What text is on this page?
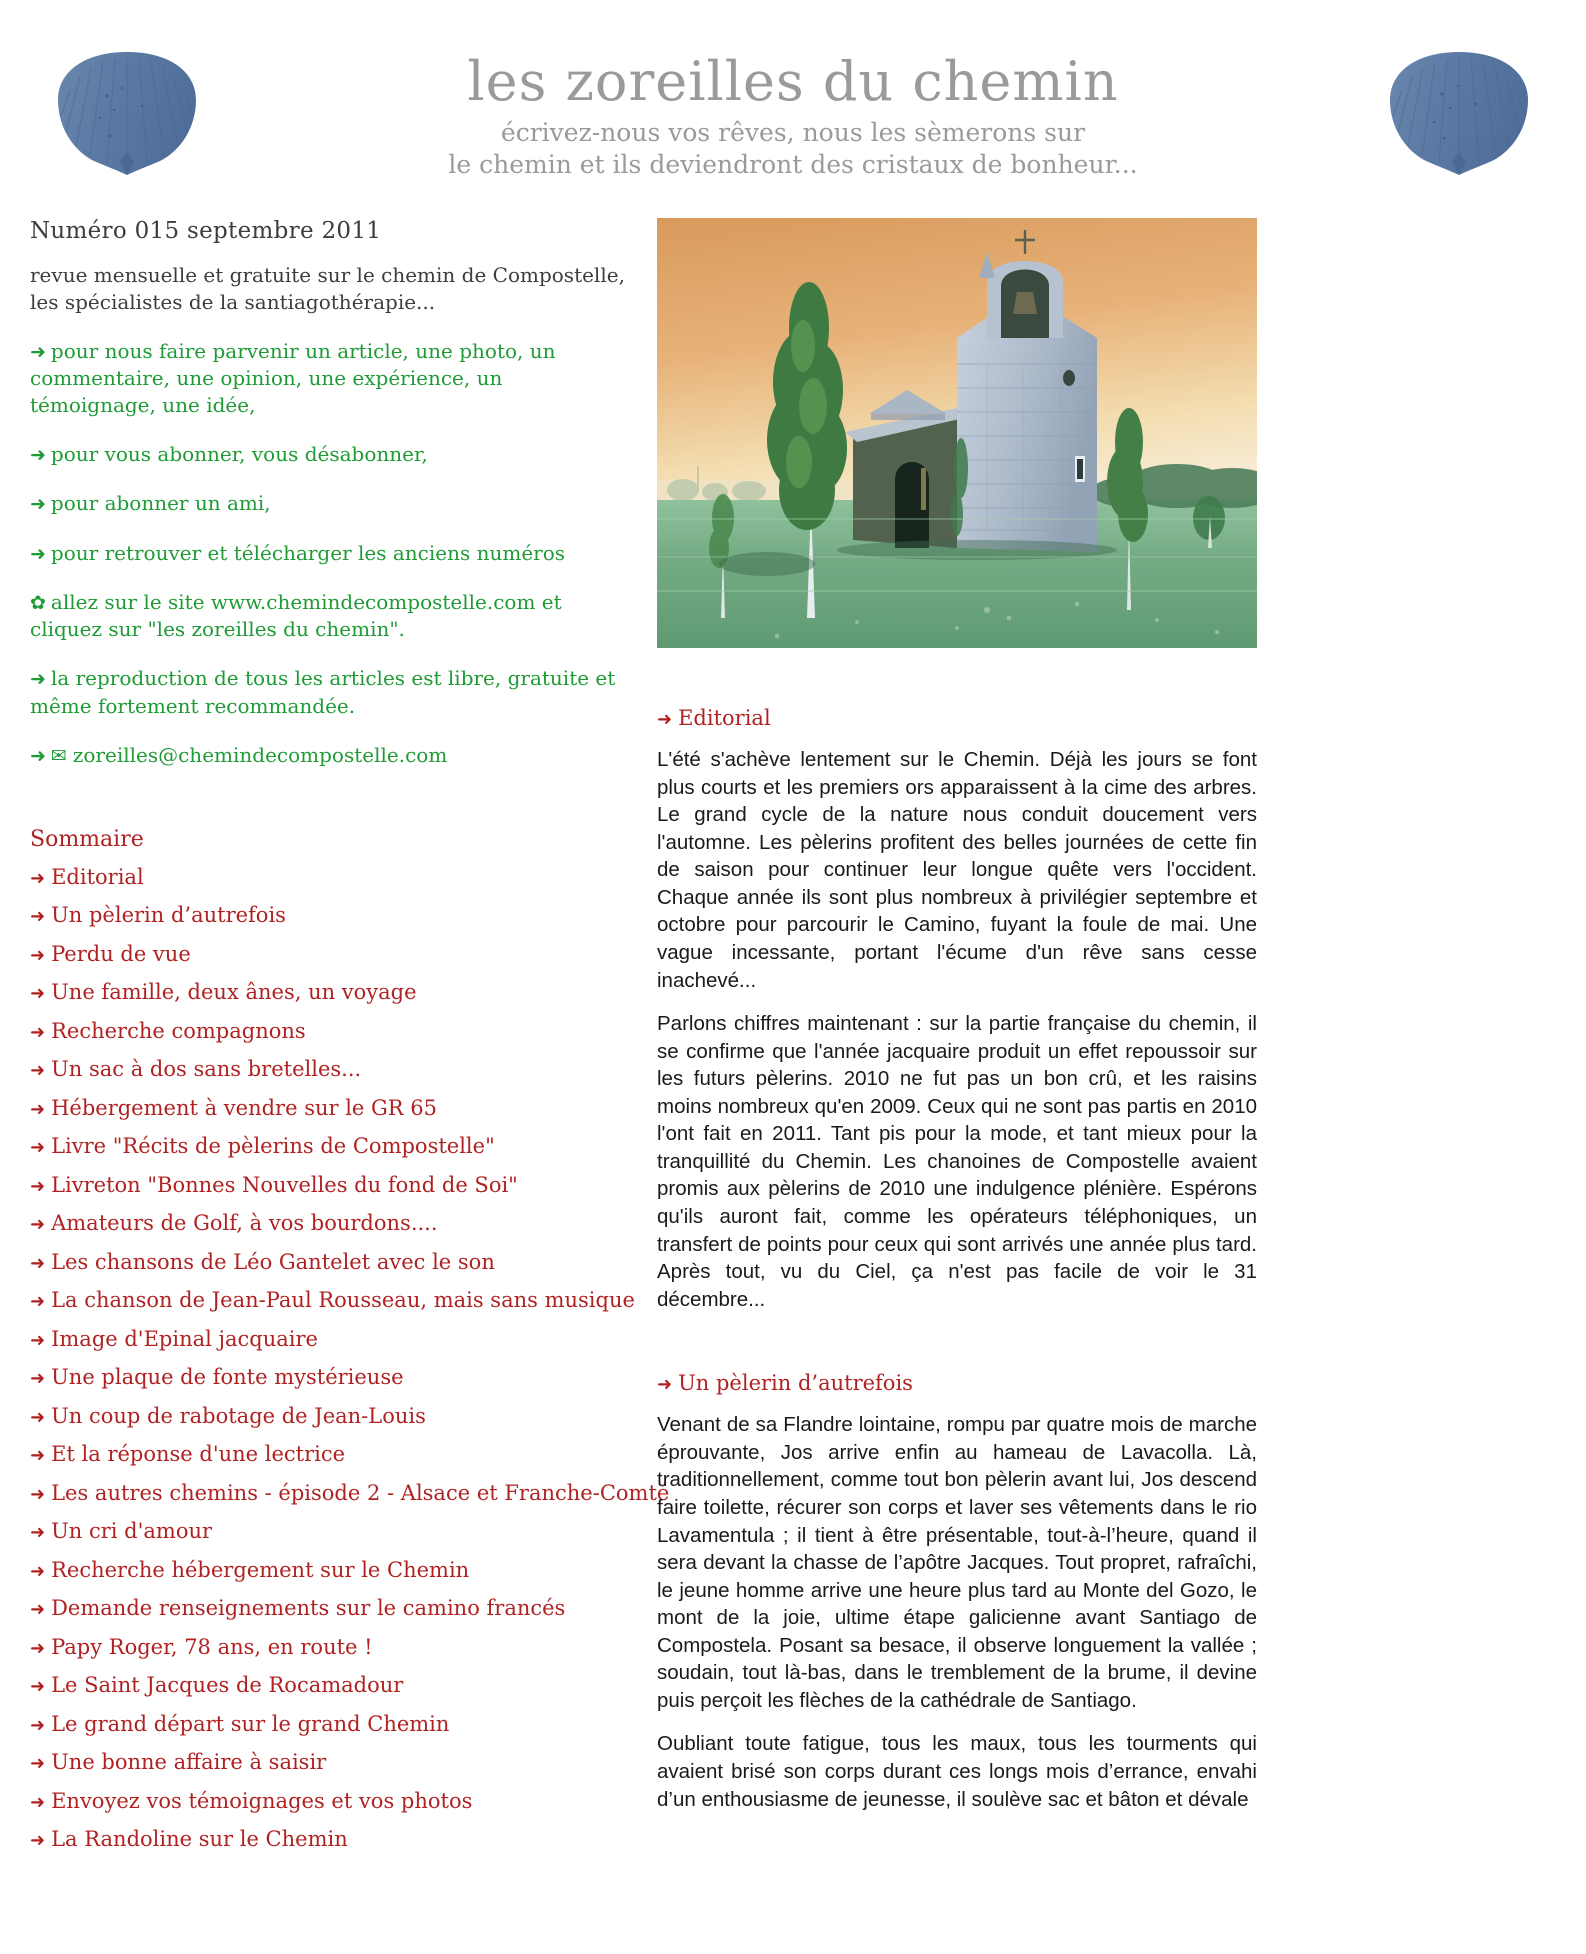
les zoreilles du chemin
écrivez-nous vos rêves, nous les sèmerons sur
le chemin et ils deviendront des cristaux de bonheur...
Numéro 015 septembre 2011
revue mensuelle et gratuite sur le chemin de Compostelle, les spécialistes de la santiagothérapie...
➜ pour nous faire parvenir un article, une photo, un commentaire, une opinion, une expérience, un témoignage, une idée,
➜ pour vous abonner, vous désabonner,
➜ pour abonner un ami,
➜ pour retrouver et télécharger les anciens numéros
✿ allez sur le site www.chemindecompostelle.com et cliquez sur "les zoreilles du chemin".
➜ la reproduction de tous les articles est libre, gratuite et même fortement recommandée.
➜ ✉ zoreilles@chemindecompostelle.com
Sommaire
➜ Editorial
➜ Un pèlerin d’autrefois
➜ Perdu de vue
➜ Une famille, deux ânes, un voyage
➜ Recherche compagnons
➜ Un sac à dos sans bretelles...
➜ Hébergement à vendre sur le GR 65
➜ Livre "Récits de pèlerins de Compostelle"
➜ Livreton "Bonnes Nouvelles du fond de Soi"
➜ Amateurs de Golf, à vos bourdons....
➜ Les chansons de Léo Gantelet avec le son
➜ La chanson de Jean-Paul Rousseau, mais sans musique
➜ Image d'Epinal jacquaire
➜ Une plaque de fonte mystérieuse
➜ Un coup de rabotage de Jean-Louis
➜ Et la réponse d'une lectrice
➜ Les autres chemins - épisode 2 - Alsace et Franche-Comté
➜ Un cri d'amour
➜ Recherche hébergement sur le Chemin
➜ Demande renseignements sur le camino francés
➜ Papy Roger, 78 ans, en route !
➜ Le Saint Jacques de Rocamadour
➜ Le grand départ sur le grand Chemin
➜ Une bonne affaire à saisir
➜ Envoyez vos témoignages et vos photos
➜ La Randoline sur le Chemin
➜ Editorial

L'été s'achève lentement sur le Chemin. Déjà les jours se font plus courts et les premiers ors apparaissent à la cime des arbres. Le grand cycle de la nature nous conduit doucement vers l'automne. Les pèlerins profitent des belles journées de cette fin de saison pour continuer leur longue quête vers l'occident. Chaque année ils sont plus nombreux à privilégier septembre et octobre pour parcourir le Camino, fuyant la foule de mai. Une vague incessante, portant l'écume d'un rêve sans cesse inachevé...

Parlons chiffres maintenant : sur la partie française du chemin, il se confirme que l'année jacquaire produit un effet repoussoir sur les futurs pèlerins. 2010 ne fut pas un bon crû, et les raisins moins nombreux qu'en 2009. Ceux qui ne sont pas partis en 2010 l'ont fait en 2011. Tant pis pour la mode, et tant mieux pour la tranquillité du Chemin. Les chanoines de Compostelle avaient promis aux pèlerins de 2010 une indulgence plénière. Espérons qu'ils auront fait, comme les opérateurs téléphoniques, un transfert de points pour ceux qui sont arrivés une année plus tard. Après tout, vu du Ciel, ça n'est pas facile de voir le 31 décembre...

➜ Un pèlerin d’autrefois

Venant de sa Flandre lointaine, rompu par quatre mois de marche éprouvante, Jos arrive enfin au hameau de Lavacolla. Là, traditionnellement, comme tout bon pèlerin avant lui, Jos descend faire toilette, récurer son corps et laver ses vêtements dans le rio Lavamentula ; il tient à être présentable, tout-à-l’heure, quand il sera devant la chasse de l’apôtre Jacques. Tout propret, rafraîchi, le jeune homme arrive une heure plus tard au Monte del Gozo, le mont de la joie, ultime étape galicienne avant Santiago de Compostela. Posant sa besace, il observe longuement la vallée ; soudain, tout là-bas, dans le tremblement de la brume, il devine puis perçoit les flèches de la cathédrale de Santiago.

Oubliant toute fatigue, tous les maux, tous les tourments qui avaient brisé son corps durant ces longs mois d’errance, envahi d’un enthousiasme de jeunesse, il soulève sac et bâton et dévale
